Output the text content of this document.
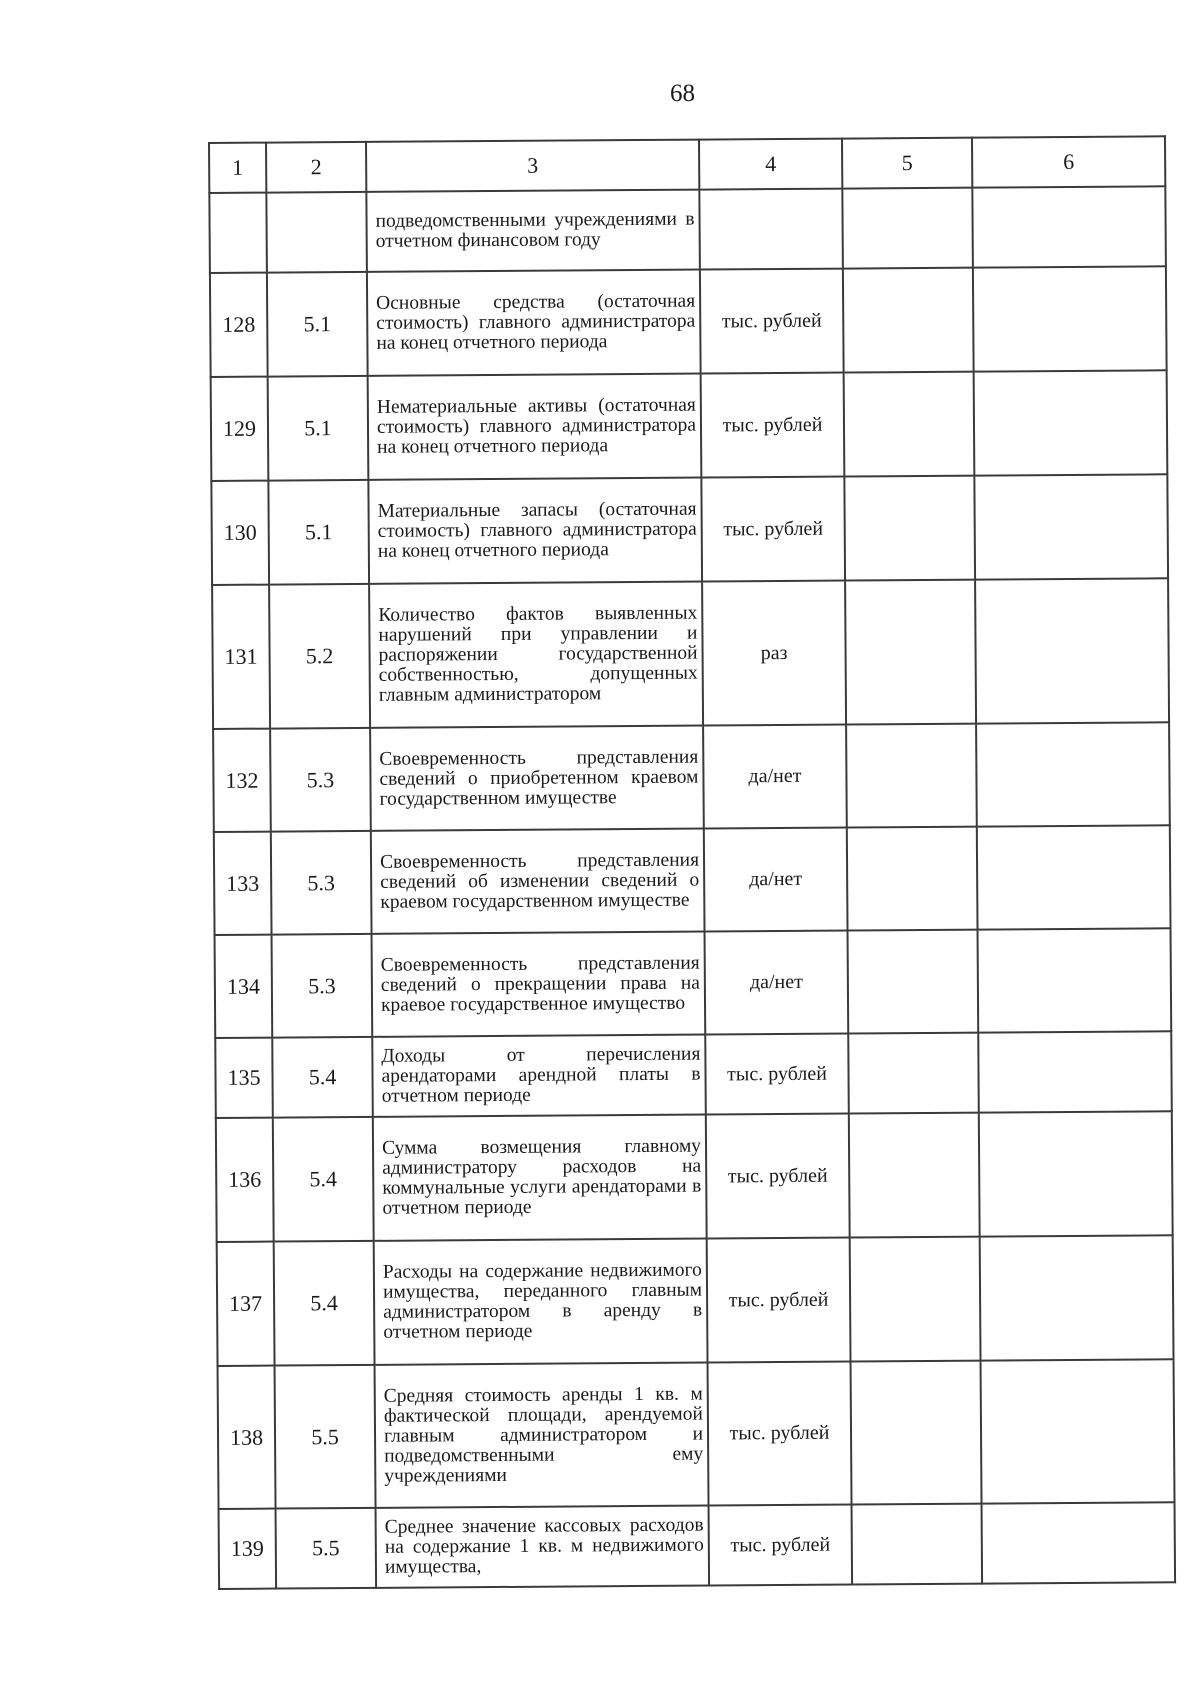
68
1	2	3	4	5	6
		подведомственными учреждениями в отчетном финансовом году			
128	5.1	Основные средства (остаточная стоимость) главного администратора на конец отчетного периода	тыс. рублей		
129	5.1	Нематериальные активы (остаточная стоимость) главного администратора на конец отчетного периода	тыс. рублей		
130	5.1	Материальные запасы (остаточная стоимость) главного администратора на конец отчетного периода	тыс. рублей		
131	5.2	Количество фактов выявленных нарушений при управлении и распоряжении государственной собственностью, допущенных главным администратором	раз		
132	5.3	Своевременность представления сведений о приобретенном краевом государственном имуществе	да/нет		
133	5.3	Своевременность представления сведений об изменении сведений о краевом государственном имуществе	да/нет		
134	5.3	Своевременность представления сведений о прекращении права на краевое государственное имущество	да/нет		
135	5.4	Доходы от перечисления арендаторами арендной платы в отчетном периоде	тыс. рублей		
136	5.4	Сумма возмещения главному администратору расходов на коммунальные услуги арендаторами в отчетном периоде	тыс. рублей		
137	5.4	Расходы на содержание недвижимого имущества, переданного главным администратором в аренду в отчетном периоде	тыс. рублей		
138	5.5	Средняя стоимость аренды 1 кв. м фактической площади, арендуемой главным администратором и подведомственными ему учреждениями	тыс. рублей		
139	5.5	Среднее значение кассовых расходов на содержание 1 кв. м недвижимого имущества,	тыс. рублей		
